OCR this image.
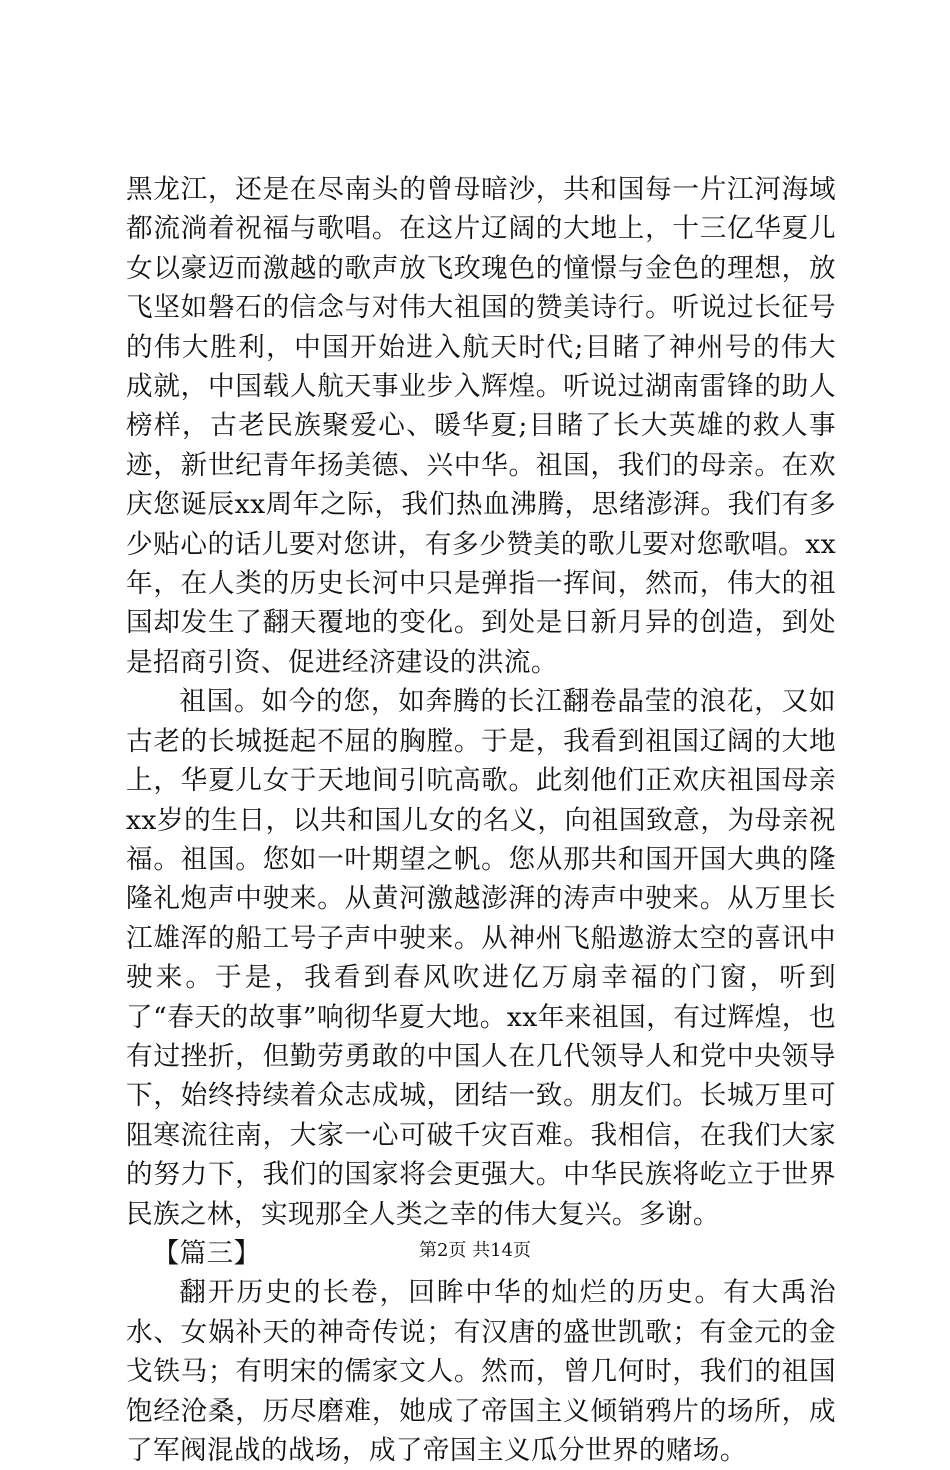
黑龙江，还是在尽南头的曾母暗沙，共和国每一片江河海域都流淌着祝福与歌唱。在这片辽阔的大地上，十三亿华夏儿女以豪迈而激越的歌声放飞玫瑰色的憧憬与金色的理想，放飞坚如磐石的信念与对伟大祖国的赞美诗行。听说过长征号的伟大胜利，中国开始进入航天时代;目睹了神州号的伟大成就，中国载人航天事业步入辉煌。听说过湖南雷锋的助人榜样，古老民族聚爱心、暖华夏;目睹了长大英雄的救人事迹，新世纪青年扬美德、兴中华。祖国，我们的母亲。在欢庆您诞辰xx周年之际，我们热血沸腾，思绪澎湃。我们有多少贴心的话儿要对您讲，有多少赞美的歌儿要对您歌唱。xx年，在人类的历史长河中只是弹指一挥间，然而，伟大的祖国却发生了翻天覆地的变化。到处是日新月异的创造，到处是招商引资、促进经济建设的洪流。

祖国。如今的您，如奔腾的长江翻卷晶莹的浪花，又如古老的长城挺起不屈的胸膛。于是，我看到祖国辽阔的大地上，华夏儿女于天地间引吭高歌。此刻他们正欢庆祖国母亲xx岁的生日，以共和国儿女的名义，向祖国致意，为母亲祝福。祖国。您如一叶期望之帆。您从那共和国开国大典的隆隆礼炮声中驶来。从黄河激越澎湃的涛声中驶来。从万里长江雄浑的船工号子声中驶来。从神州飞船遨游太空的喜讯中驶来。于是，我看到春风吹进亿万扇幸福的门窗，听到了“春天的故事”响彻华夏大地。xx年来祖国，有过辉煌，也有过挫折，但勤劳勇敢的中国人在几代领导人和党中央领导下，始终持续着众志成城，团结一致。朋友们。长城万里可阻寒流往南，大家一心可破千灾百难。我相信，在我们大家的努力下，我们的国家将会更强大。中华民族将屹立于世界民族之林，实现那全人类之幸的伟大复兴。多谢。

【篇三】

翻开历史的长卷，回眸中华的灿烂的历史。有大禹治水、女娲补天的神奇传说；有汉唐的盛世凯歌；有金元的金戈铁马；有明宋的儒家文人。然而，曾几何时，我们的祖国饱经沧桑，历尽磨难，她成了帝国主义倾销鸦片的场所，成了军阀混战的战场，成了帝国主义瓜分世界的赌场。

第2页 共14页
